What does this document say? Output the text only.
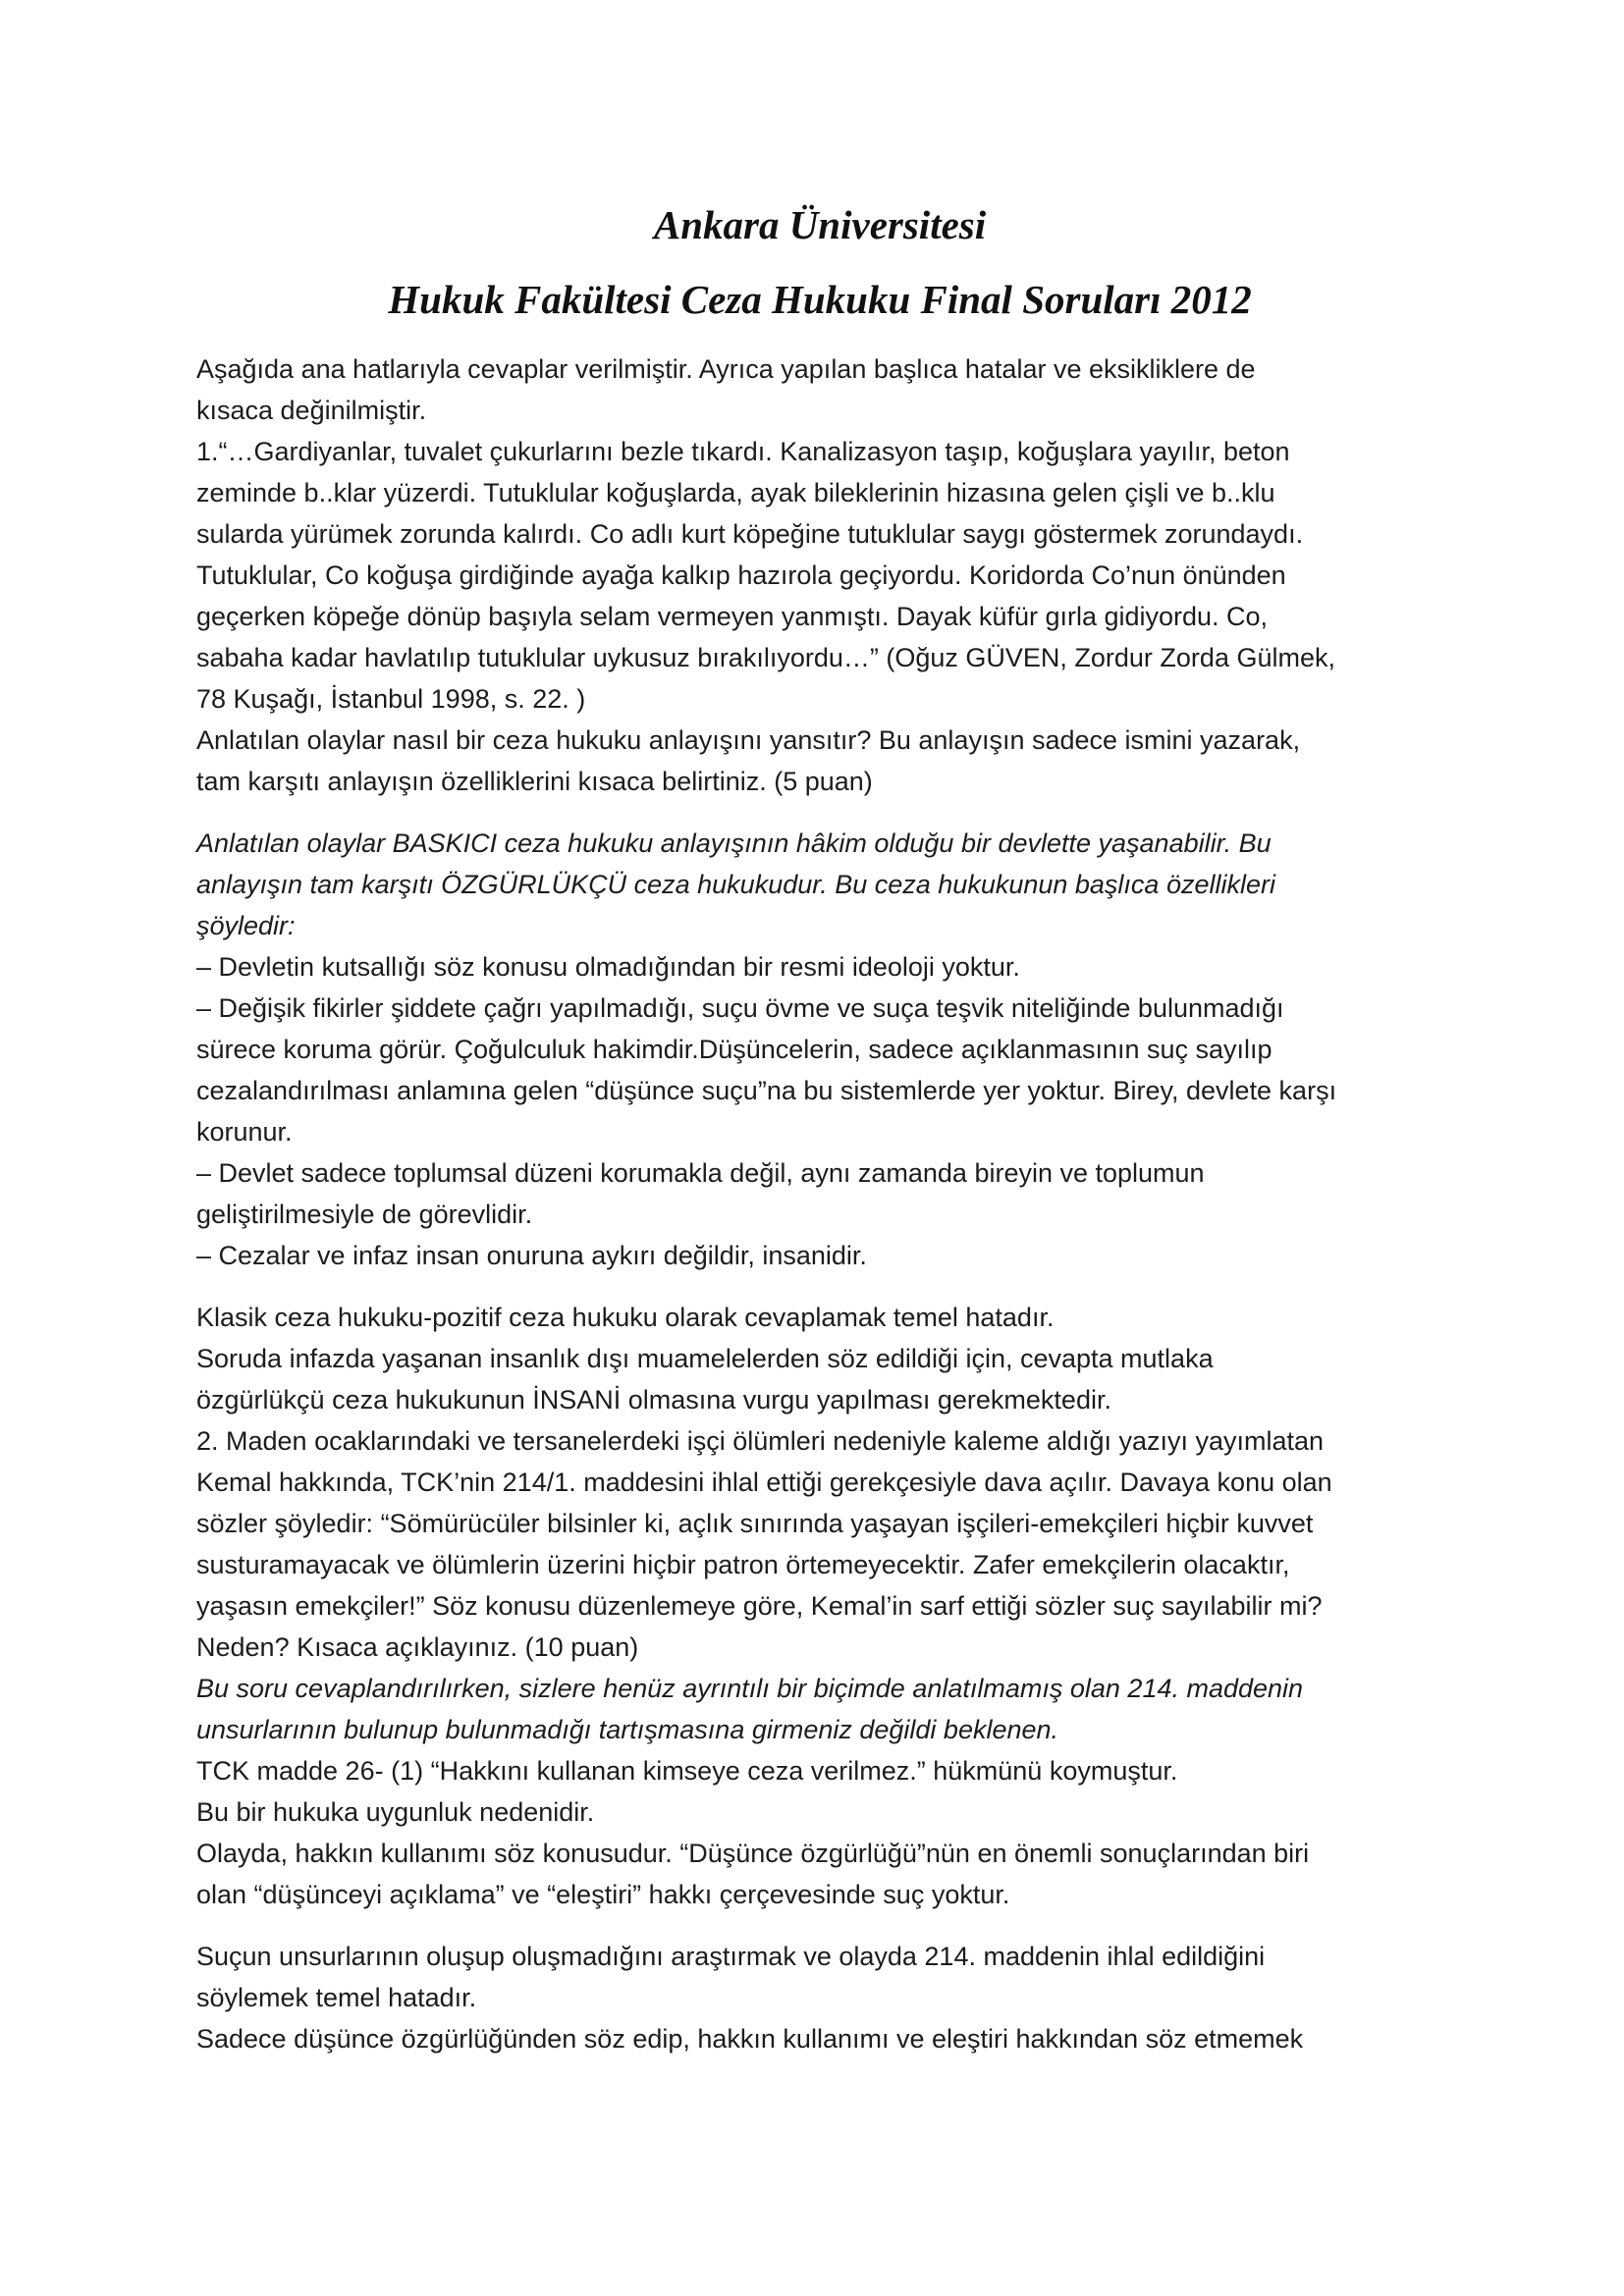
Ankara Üniversitesi
Hukuk Fakültesi Ceza Hukuku Final Soruları 2012

Aşağıda ana hatlarıyla cevaplar verilmiştir. Ayrıca yapılan başlıca hatalar ve eksikliklere de
kısaca değinilmiştir.

1.“…Gardiyanlar, tuvalet çukurlarını bezle tıkardı. Kanalizasyon taşıp, koğuşlara yayılır, beton
zeminde b..klar yüzerdi. Tutuklular koğuşlarda, ayak bileklerinin hizasına gelen çişli ve b..klu
sularda yürümek zorunda kalırdı. Co adlı kurt köpeğine tutuklular saygı göstermek zorundaydı.
Tutuklular, Co koğuşa girdiğinde ayağa kalkıp hazırola geçiyordu. Koridorda Co’nun önünden
geçerken köpeğe dönüp başıyla selam vermeyen yanmıştı. Dayak küfür gırla gidiyordu. Co,
sabaha kadar havlatılıp tutuklular uykusuz bırakılıyordu…” (Oğuz GÜVEN, Zordur Zorda Gülmek,
78 Kuşağı, İstanbul 1998, s. 22. )

Anlatılan olaylar nasıl bir ceza hukuku anlayışını yansıtır? Bu anlayışın sadece ismini yazarak,
tam karşıtı anlayışın özelliklerini kısaca belirtiniz. (5 puan)

Anlatılan olaylar BASKICI ceza hukuku anlayışının hâkim olduğu bir devlette yaşanabilir. Bu
anlayışın tam karşıtı ÖZGÜRLÜKÇÜ ceza hukukudur. Bu ceza hukukunun başlıca özellikleri
şöyledir:

– Devletin kutsallığı söz konusu olmadığından bir resmi ideoloji yoktur.

– Değişik fikirler şiddete çağrı yapılmadığı, suçu övme ve suça teşvik niteliğinde bulunmadığı
sürece koruma görür. Çoğulculuk hakimdir.Düşüncelerin, sadece açıklanmasının suç sayılıp
cezalandırılması anlamına gelen “düşünce suçu”na bu sistemlerde yer yoktur. Birey, devlete karşı
korunur.

– Devlet sadece toplumsal düzeni korumakla değil, aynı zamanda bireyin ve toplumun
geliştirilmesiyle de görevlidir.

– Cezalar ve infaz insan onuruna aykırı değildir, insanidir.

Klasik ceza hukuku-pozitif ceza hukuku olarak cevaplamak temel hatadır.

Soruda infazda yaşanan insanlık dışı muamelelerden söz edildiği için, cevapta mutlaka
özgürlükçü ceza hukukunun İNSANİ olmasına vurgu yapılması gerekmektedir.

2. Maden ocaklarındaki ve tersanelerdeki işçi ölümleri nedeniyle kaleme aldığı yazıyı yayımlatan
Kemal hakkında, TCK’nin 214/1. maddesini ihlal ettiği gerekçesiyle dava açılır. Davaya konu olan
sözler şöyledir: “Sömürücüler bilsinler ki, açlık sınırında yaşayan işçileri-emekçileri hiçbir kuvvet
susturamayacak ve ölümlerin üzerini hiçbir patron örtemeyecektir. Zafer emekçilerin olacaktır,
yaşasın emekçiler!” Söz konusu düzenlemeye göre, Kemal’in sarf ettiği sözler suç sayılabilir mi?
Neden? Kısaca açıklayınız. (10 puan)

Bu soru cevaplandırılırken, sizlere henüz ayrıntılı bir biçimde anlatılmamış olan 214. maddenin
unsurlarının bulunup bulunmadığı tartışmasına girmeniz değildi beklenen.

TCK madde 26- (1) “Hakkını kullanan kimseye ceza verilmez.” hükmünü koymuştur.

Bu bir hukuka uygunluk nedenidir.

Olayda, hakkın kullanımı söz konusudur. “Düşünce özgürlüğü”nün en önemli sonuçlarından biri
olan “düşünceyi açıklama” ve “eleştiri” hakkı çerçevesinde suç yoktur.

Suçun unsurlarının oluşup oluşmadığını araştırmak ve olayda 214. maddenin ihlal edildiğini
söylemek temel hatadır.

Sadece düşünce özgürlüğünden söz edip, hakkın kullanımı ve eleştiri hakkından söz etmemek
